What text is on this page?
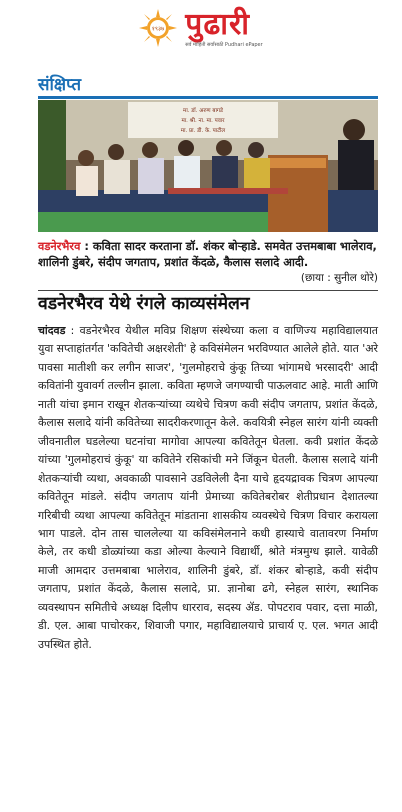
१९३७ पुढारी
सर्व माहिती सर्वांसाठी Pudhari ePaper
संक्षिप्त
मा. डॉ. अरुण बागडे
मा. श्री. ना. मा. पवार
मा. प्रा. डी. के. पाटील
वडनेरभैरव : कविता सादर करताना डॉ. शंकर बोऱ्हाडे. समवेत उत्तमबाबा भालेराव, शालिनी डुंबरे, संदीप जगताप, प्रशांत केंदळे, कैलास सलादे आदी.
(छाया : सुनील थोरे)
वडनेरभैरव येथे रंगले काव्यसंमेलन
चांदवड : वडनेरभैरव येथील मविप्र शिक्षण संस्थेच्या कला व वाणिज्य महाविद्यालयात युवा सप्ताहांतर्गत 'कवितेची अक्षरशेती' हे कविसंमेलन भरविण्यात आलेले होते. यात 'अरे पावसा मातीशी कर लगीन साजर', 'गुलमोहराचे कुंकू तिच्या भांगामधे भरसादरी' आदी कवितांनी युवावर्ग तल्लीन झाला. कविता म्हणजे जगण्याची पाऊलवाट आहे. माती आणि नाती यांचा इमान राखून शेतकऱ्यांच्या व्यथेचे चित्रण कवी संदीप जगताप, प्रशांत केंदळे, कैलास सलादे यांनी कवितेच्या सादरीकरणातून केले. कवयित्री स्नेहल सारंग यांनी व्यक्ती जीवनातील घडलेल्या घटनांचा मागोवा आपल्या कवितेतून घेतला. कवी प्रशांत केंदळे यांच्या 'गुलमोहराचं कुंकू' या कवितेने रसिकांची मने जिंकून घेतली. कैलास सलादे यांनी शेतकऱ्यांची व्यथा, अवकाळी पावसाने उडविलेली दैना याचे हृदयद्रावक चित्रण आपल्या कवितेतून मांडले. संदीप जगताप यांनी प्रेमाच्या कवितेबरोबर शेतीप्रधान देशातल्या गरिबीची व्यथा आपल्या कवितेतून मांडताना शासकीय व्यवस्थेचे चित्रण विचार करायला भाग पाडले. दोन तास चाललेल्या या कविसंमेलनाने कधी हास्याचे वातावरण निर्माण केले, तर कधी डोळ्यांच्या कडा ओल्या केल्याने विद्यार्थी, श्रोते मंत्रमुग्ध झाले. यावेळी माजी आमदार उत्तमबाबा भालेराव, शालिनी डुंबरे, डॉ. शंकर बोऱ्हाडे, कवी संदीप जगताप, प्रशांत केंदळे, कैलास सलादे, प्रा. ज्ञानोबा ढगे, स्नेहल सारंग, स्थानिक व्यवस्थापन समितीचे अध्यक्ष दिलीप धारराव, सदस्य ॲड. पोपटराव पवार, दत्ता माळी, डी. एल. आबा पाचोरकर, शिवाजी पगार, महाविद्यालयाचे प्राचार्य ए. एल. भगत आदी उपस्थित होते.
